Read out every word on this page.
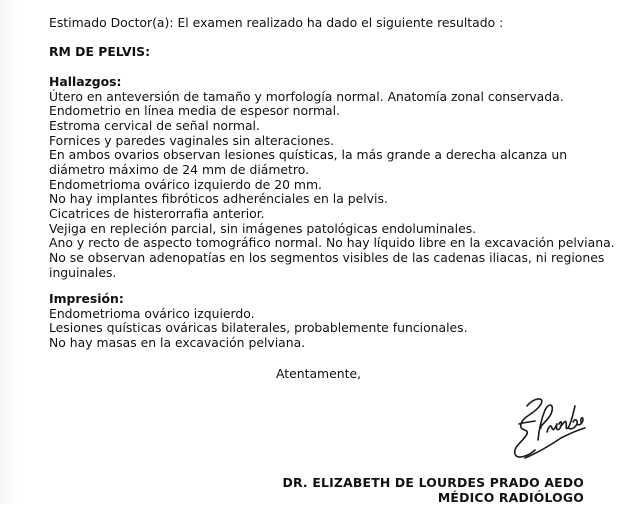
Estimado Doctor(a): El examen realizado ha dado el siguiente resultado :
RM DE PELVIS:
Hallazgos:
Útero en anteversión de tamaño y morfología normal. Anatomía zonal conservada.
Endometrio en línea media de espesor normal.
Estroma cervical de señal normal.
Fornices y paredes vaginales sin alteraciones.
En ambos ovarios observan lesiones quísticas, la más grande a derecha alcanza un
diámetro máximo de 24 mm de diámetro.
Endometrioma ovárico izquierdo de 20 mm.
No hay implantes fibróticos adherénciales en la pelvis.
Cicatrices de histerorrafia anterior.
Vejiga en repleción parcial, sin imágenes patológicas endoluminales.
Ano y recto de aspecto tomográfico normal. No hay líquido libre en la excavación pelviana.
No se observan adenopatías en los segmentos visibles de las cadenas iliacas, ni regiones
inguinales.
Impresión:
Endometrioma ovárico izquierdo.
Lesiones quísticas ováricas bilaterales, probablemente funcionales.
No hay masas en la excavación pelviana.
Atentamente,
DR. ELIZABETH DE LOURDES PRADO AEDO
MÉDICO RADIÓLOGO
